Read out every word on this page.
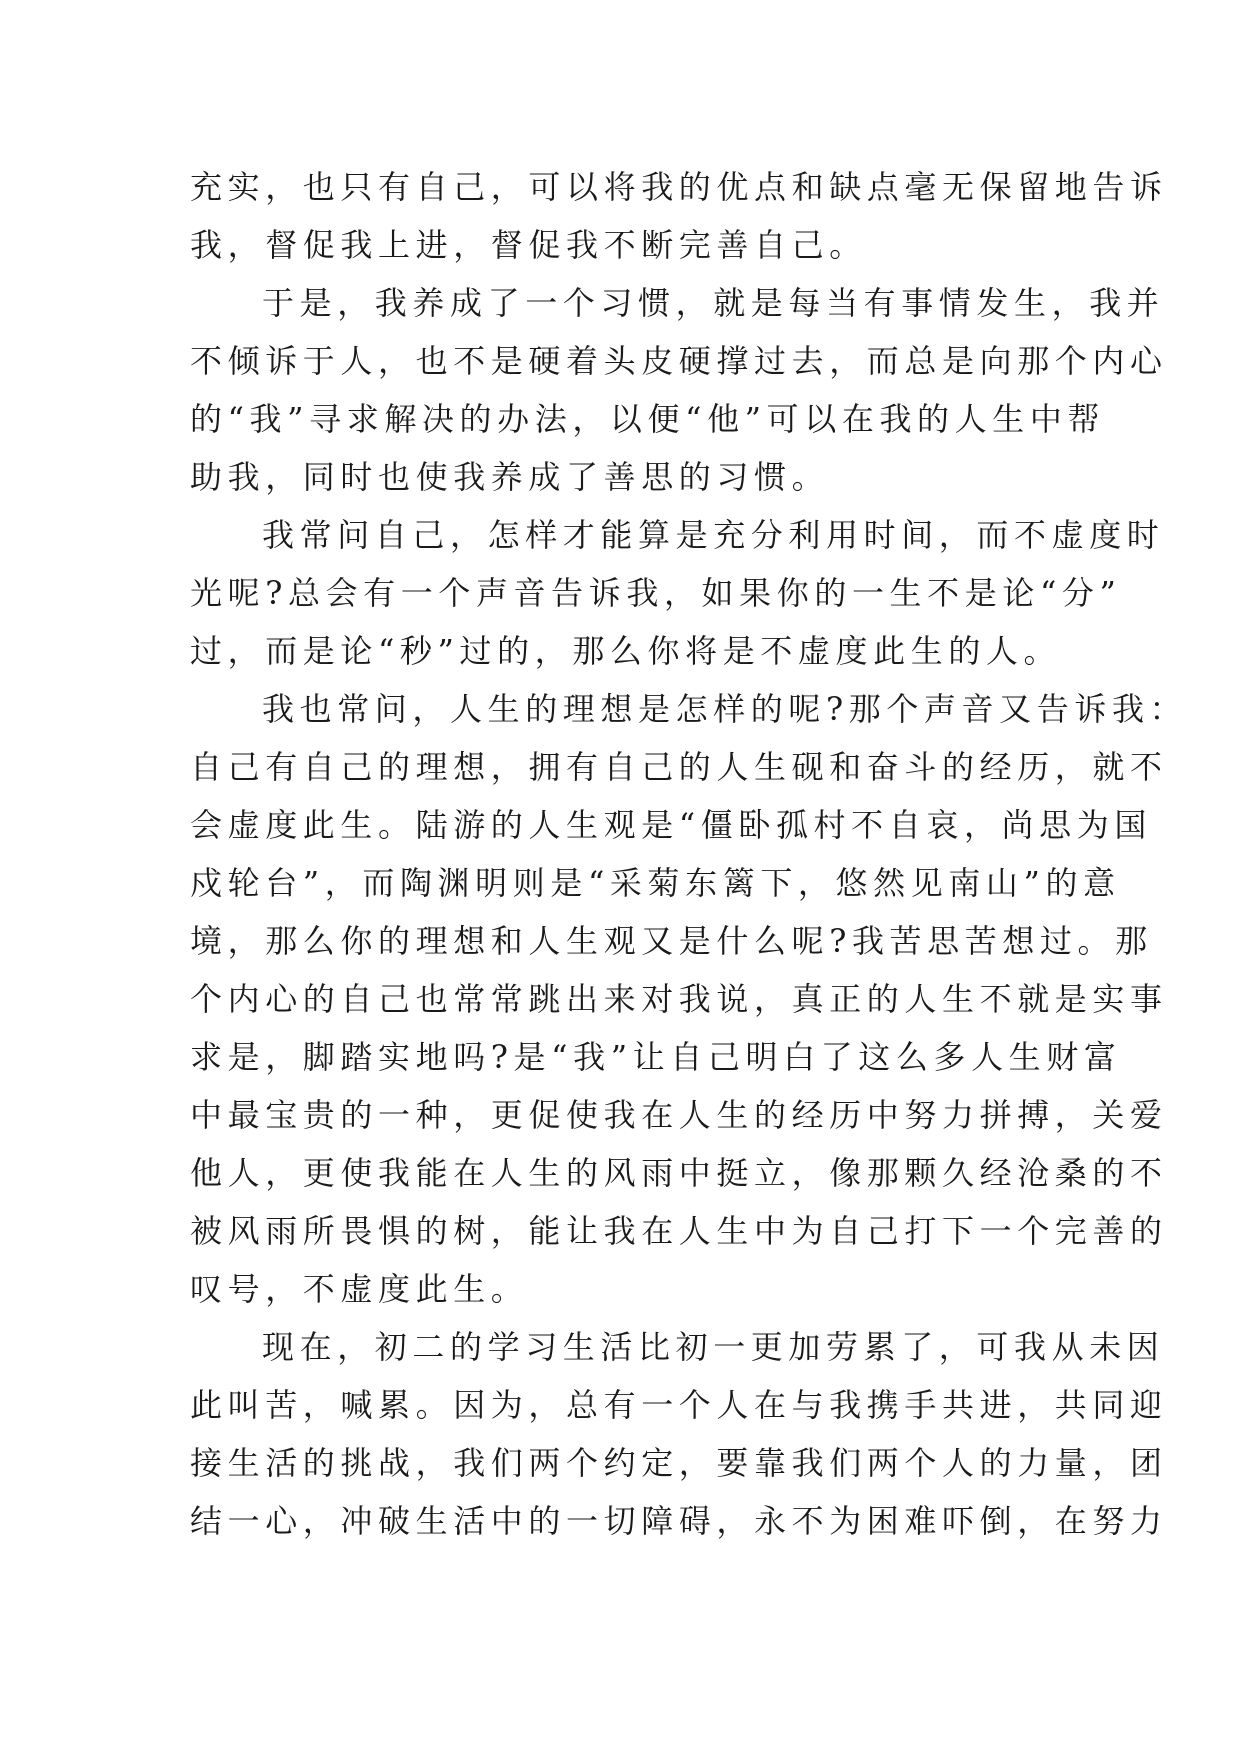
充实，也只有自己，可以将我的优点和缺点毫无保留地告诉
我，督促我上进，督促我不断完善自己。
于是，我养成了一个习惯，就是每当有事情发生，我并
不倾诉于人，也不是硬着头皮硬撑过去，而总是向那个内心
的“我”寻求解决的办法，以便“他”可以在我的人生中帮
助我，同时也使我养成了善思的习惯。
我常问自己，怎样才能算是充分利用时间，而不虚度时
光呢?总会有一个声音告诉我，如果你的一生不是论“分”
过，而是论“秒”过的，那么你将是不虚度此生的人。
我也常问，人生的理想是怎样的呢?那个声音又告诉我：
自己有自己的理想，拥有自己的人生砚和奋斗的经历，就不
会虚度此生。陆游的人生观是“僵卧孤村不自哀，尚思为国
戍轮台”，而陶渊明则是“采菊东篱下，悠然见南山”的意
境，那么你的理想和人生观又是什么呢?我苦思苦想过。那
个内心的自己也常常跳出来对我说，真正的人生不就是实事
求是，脚踏实地吗?是“我”让自己明白了这么多人生财富
中最宝贵的一种，更促使我在人生的经历中努力拼搏，关爱
他人，更使我能在人生的风雨中挺立，像那颗久经沧桑的不
被风雨所畏惧的树，能让我在人生中为自己打下一个完善的
叹号，不虚度此生。
现在，初二的学习生活比初一更加劳累了，可我从未因
此叫苦，喊累。因为，总有一个人在与我携手共进，共同迎
接生活的挑战，我们两个约定，要靠我们两个人的力量，团
结一心，冲破生活中的一切障碍，永不为困难吓倒，在努力
